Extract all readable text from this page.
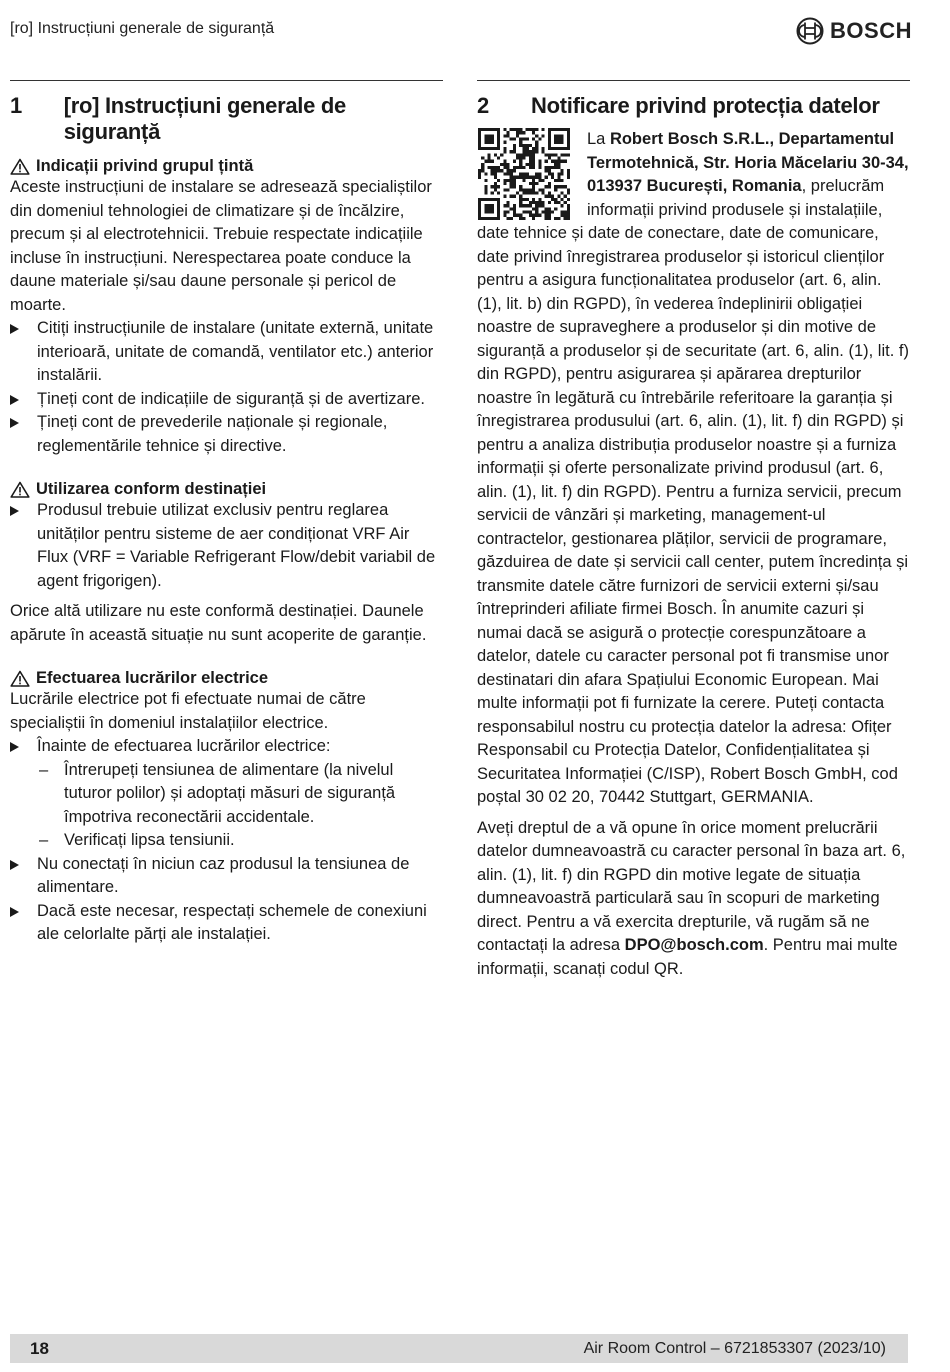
[ro] Instrucțiuni generale de siguranță	BOSCH
1	[ro] Instrucțiuni generale de siguranță
Indicații privind grupul țintă

Aceste instrucțiuni de instalare se adresează specialiștilor din domeniul tehnologiei de climatizare și de încălzire, precum și al electrotehnicii. Trebuie respectate indicațiile incluse în instrucțiuni. Nerespectarea poate conduce la daune materiale și/sau daune personale și pericol de moarte.

Citiți instrucțiunile de instalare (unitate externă, unitate interioară, unitate de comandă, ventilator etc.) anterior instalării.
Țineți cont de indicațiile de siguranță și de avertizare.
Țineți cont de prevederile naționale și regionale, reglementările tehnice și directive.
Utilizarea conform destinației
Produsul trebuie utilizat exclusiv pentru reglarea unităților pentru sisteme de aer condiționat VRF Air Flux (VRF = Variable Refrigerant Flow/debit variabil de agent frigorigen).

Orice altă utilizare nu este conformă destinației. Daunele apărute în această situație nu sunt acoperite de garanție.

Efectuarea lucrărilor electrice

Lucrările electrice pot fi efectuate numai de către specialiștii în domeniul instalațiilor electrice.

Înainte de efectuarea lucrărilor electrice:
– Întrerupeți tensiunea de alimentare (la nivelul tuturor polilor) și adoptați măsuri de siguranță împotriva reconectării accidentale.
– Verificați lipsa tensiunii.
Nu conectați în niciun caz produsul la tensiunea de alimentare.
Dacă este necesar, respectați schemele de conexiuni ale celorlalte părți ale instalației.
2	Notificare privind protecția datelor

La Robert Bosch S.R.L., Departamentul Termotehnică, Str. Horia Măcelariu 30-34, 013937 București, Romania, prelucrăm informații privind produsele și instalațiile, date tehnice și date de conectare, date de comunicare, date privind înregistrarea produselor și istoricul clienților pentru a asigura funcționalitatea produselor (art. 6, alin. (1), lit. b) din RGPD), în vederea îndeplinirii obligației noastre de supraveghere a produselor și din motive de siguranță a produselor și de securitate (art. 6, alin. (1), lit. f) din RGPD), pentru asigurarea și apărarea drepturilor noastre în legătură cu întrebările referitoare la garanția și înregistrarea produsului (art. 6, alin. (1), lit. f) din RGPD) și pentru a analiza distribuția produselor noastre și a furniza informații și oferte personalizate privind produsul (art. 6, alin. (1), lit. f) din RGPD). Pentru a furniza servicii, precum servicii de vânzări și marketing, management-ul contractelor, gestionarea plăților, servicii de programare, găzduirea de date și servicii call center, putem încredința și transmite datele către furnizori de servicii externi și/sau întreprinderi afiliate firmei Bosch. În anumite cazuri și numai dacă se asigură o protecție corespunzătoare a datelor, datele cu caracter personal pot fi transmise unor destinatari din afara Spațiului Economic European. Mai multe informații pot fi furnizate la cerere. Puteți contacta responsabilul nostru cu protecția datelor la adresa: Ofițer Responsabil cu Protecția Datelor, Confidențialitatea și Securitatea Informației (C/ISP), Robert Bosch GmbH, cod poștal 30 02 20, 70442 Stuttgart, GERMANIA.

Aveți dreptul de a vă opune în orice moment prelucrării datelor dumneavoastră cu caracter personal în baza art. 6, alin. (1), lit. f) din RGPD din motive legate de situația dumneavoastră particulară sau în scopuri de marketing direct. Pentru a vă exercita drepturile, vă rugăm să ne contactați la adresa DPO@bosch.com. Pentru mai multe informații, scanați codul QR.

18	Air Room Control – 6721853307 (2023/10)
